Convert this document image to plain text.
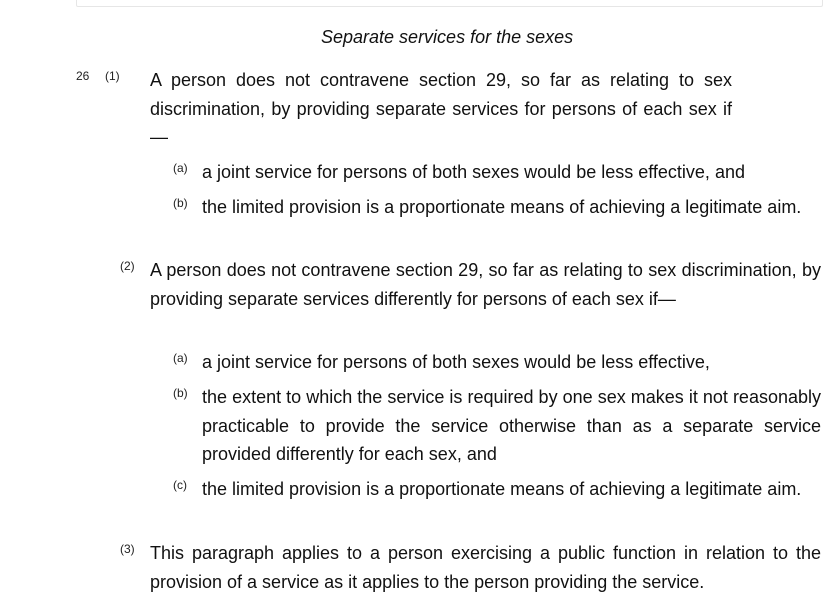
Separate services for the sexes
26 (1) A person does not contravene section 29, so far as relating to sex discrimination, by providing separate services for persons of each sex if—

(a) a joint service for persons of both sexes would be less effective, and

(b) the limited provision is a proportionate means of achieving a legitimate aim.

(2) A person does not contravene section 29, so far as relating to sex discrimination, by providing separate services differently for persons of each sex if—

(a) a joint service for persons of both sexes would be less effective,

(b) the extent to which the service is required by one sex makes it not reasonably practicable to provide the service otherwise than as a separate service provided differently for each sex, and

(c) the limited provision is a proportionate means of achieving a legitimate aim.

(3) This paragraph applies to a person exercising a public function in relation to the provision of a service as it applies to the person providing the service.
